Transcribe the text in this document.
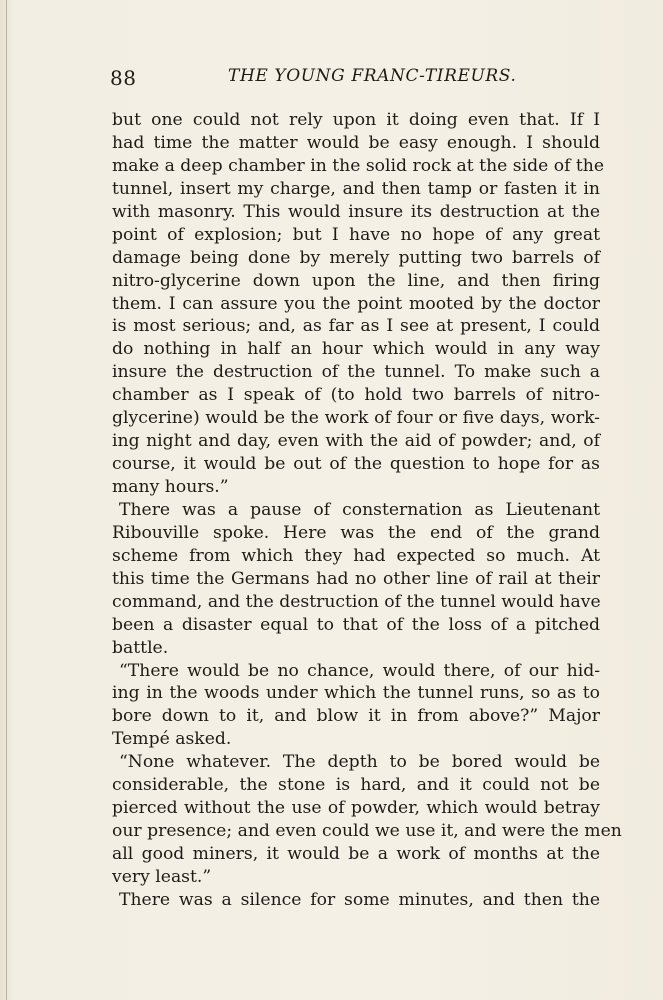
88	THE YOUNG FRANC-TIREURS.
but one could not rely upon it doing even that. If I
had time the matter would be easy enough. I should
make a deep chamber in the solid rock at the side of the
tunnel, insert my charge, and then tamp or fasten it in
with masonry. This would insure its destruction at the
point of explosion; but I have no hope of any great
damage being done by merely putting two barrels of
nitro-glycerine down upon the line, and then firing
them. I can assure you the point mooted by the doctor
is most serious; and, as far as I see at present, I could
do nothing in half an hour which would in any way
insure the destruction of the tunnel. To make such a
chamber as I speak of (to hold two barrels of nitro-
glycerine) would be the work of four or five days, work-
ing night and day, even with the aid of powder; and, of
course, it would be out of the question to hope for as
many hours.”
There was a pause of consternation as Lieutenant
Ribouville spoke. Here was the end of the grand
scheme from which they had expected so much. At
this time the Germans had no other line of rail at their
command, and the destruction of the tunnel would have
been a disaster equal to that of the loss of a pitched
battle.
“There would be no chance, would there, of our hid-
ing in the woods under which the tunnel runs, so as to
bore down to it, and blow it in from above?” Major
Tempé asked.
“None whatever. The depth to be bored would be
considerable, the stone is hard, and it could not be
pierced without the use of powder, which would betray
our presence; and even could we use it, and were the men
all good miners, it would be a work of months at the
very least.”
There was a silence for some minutes, and then the
